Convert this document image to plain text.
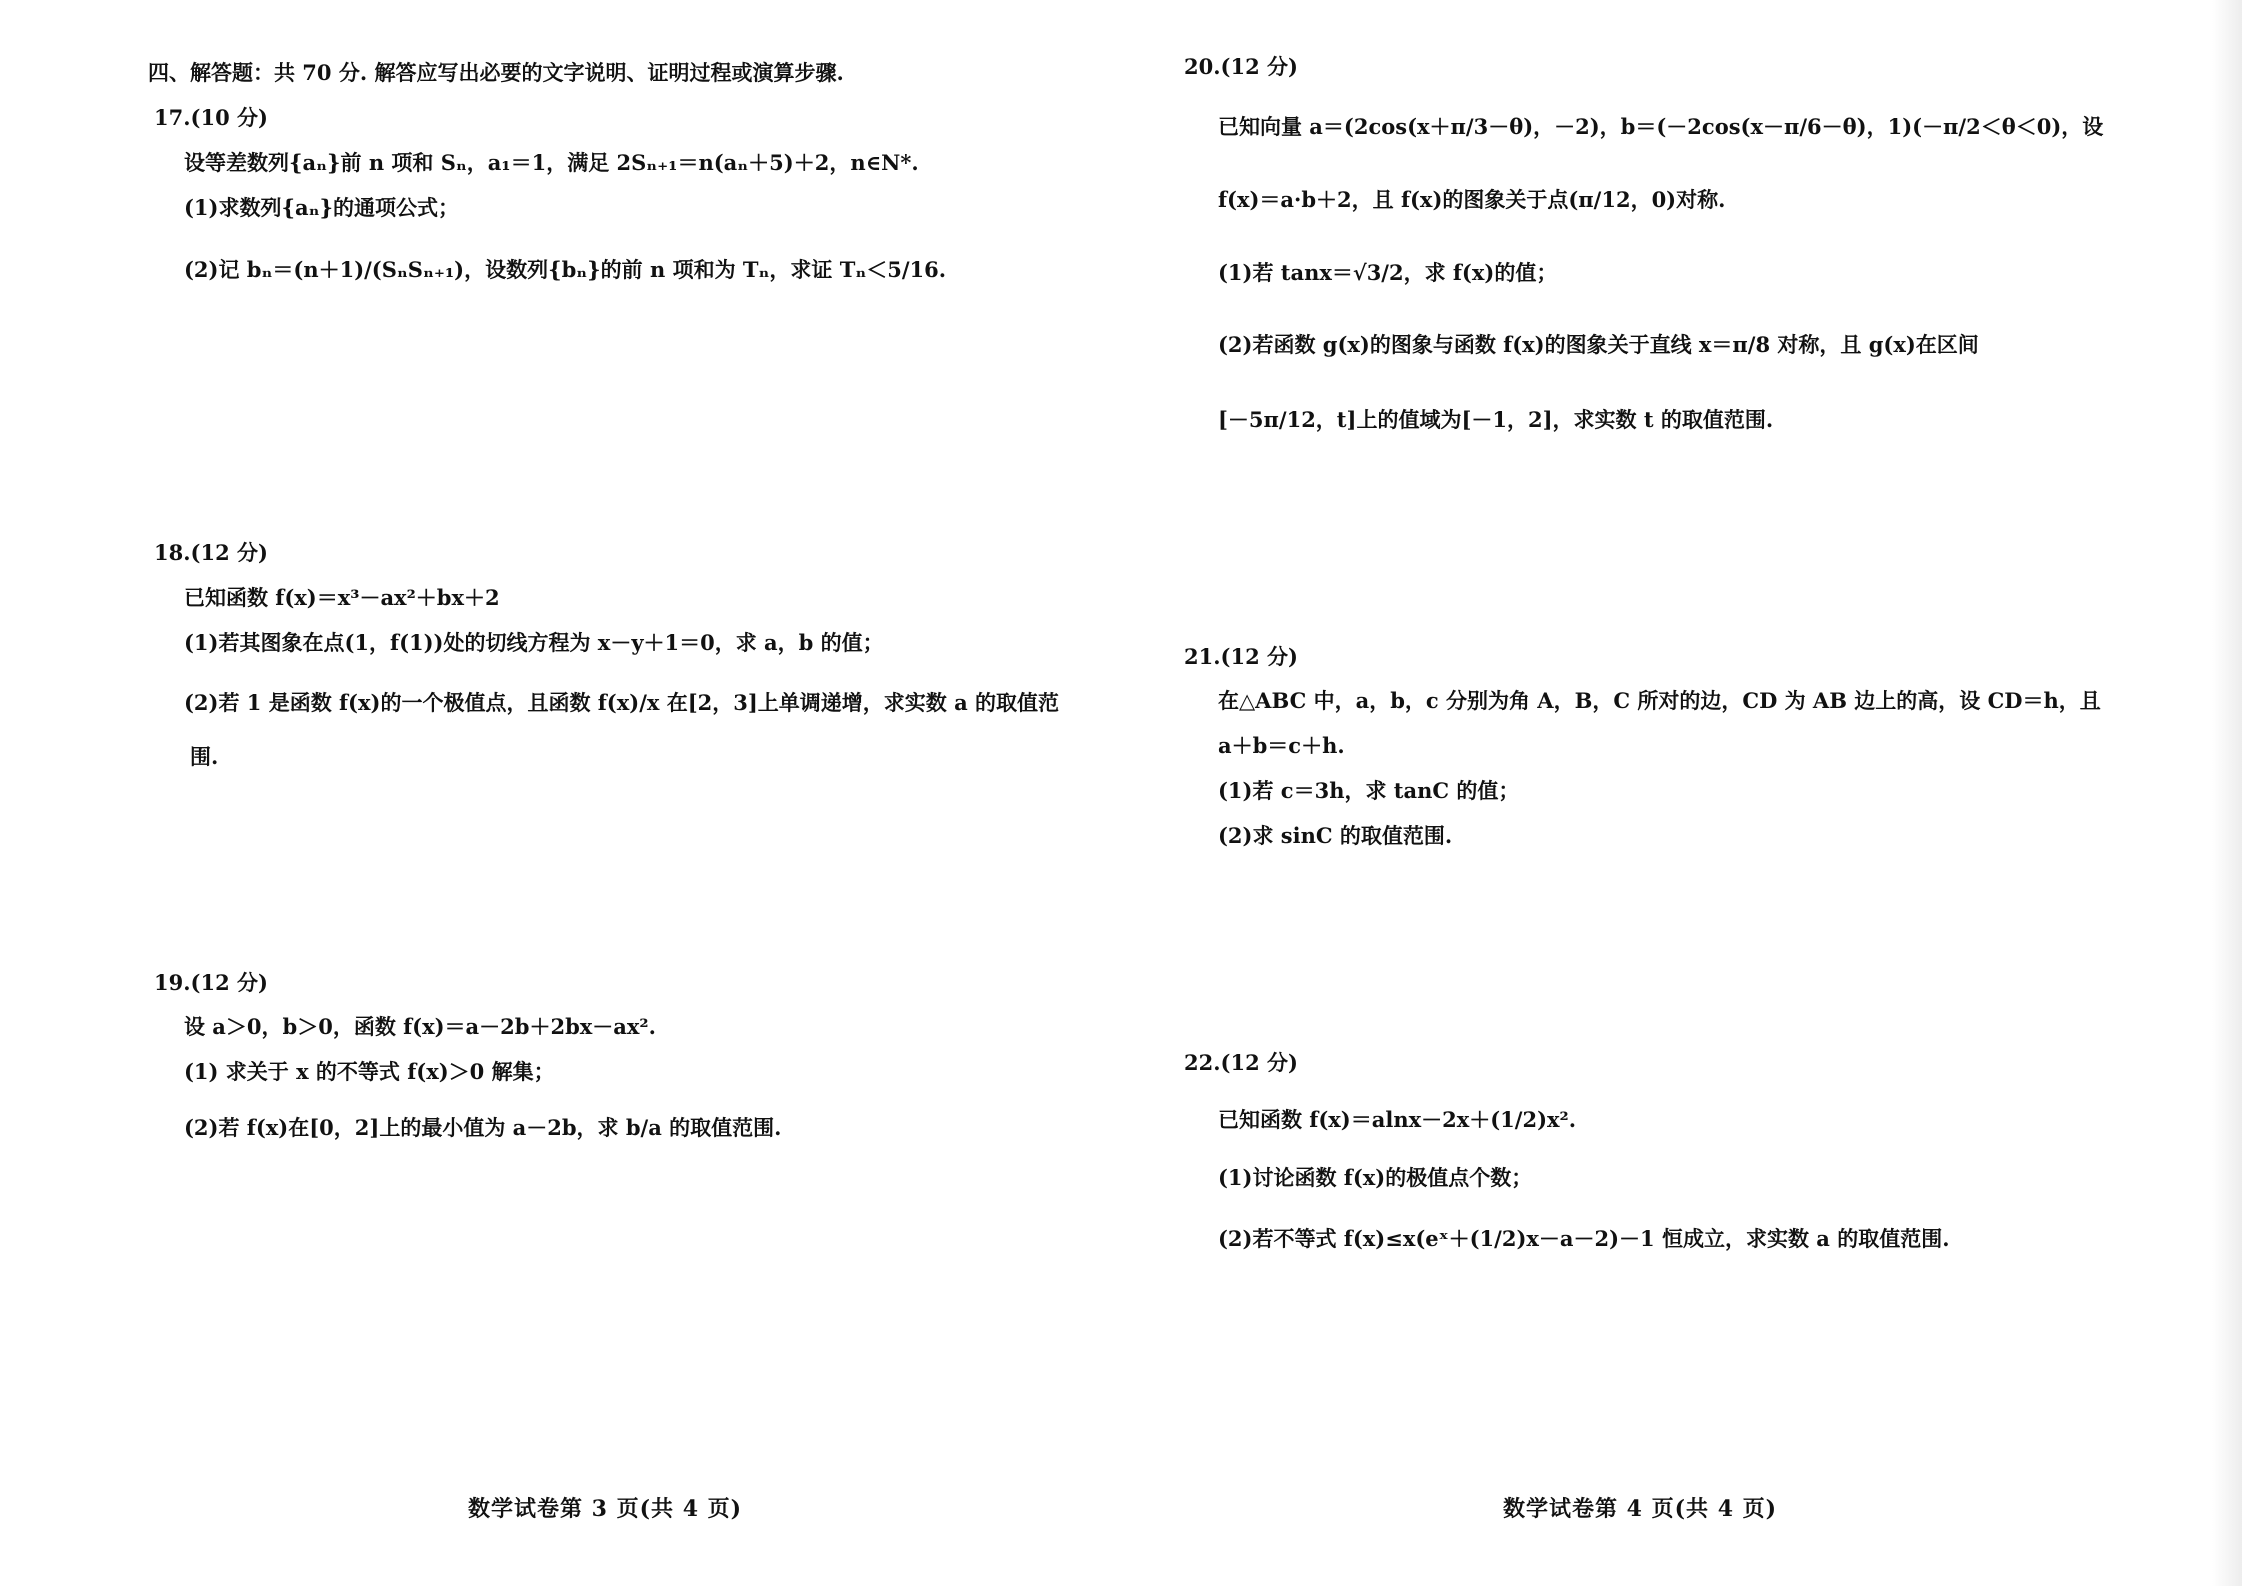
四、解答题：共 70 分. 解答应写出必要的文字说明、证明过程或演算步骤.
17.(10 分)
设等差数列{aₙ}前 n 项和 Sₙ，a₁＝1，满足 2Sₙ₊₁＝n(aₙ＋5)＋2，n∈N*.
(1)求数列{aₙ}的通项公式；
(2)记 bₙ＝(n＋1)/(SₙSₙ₊₁)，设数列{bₙ}的前 n 项和为 Tₙ，求证 Tₙ＜5/16.
18.(12 分)
已知函数 f(x)＝x³－ax²＋bx＋2
(1)若其图象在点(1，f(1))处的切线方程为 x－y＋1＝0，求 a，b 的值；
(2)若 1 是函数 f(x)的一个极值点，且函数 f(x)/x 在[2，3]上单调递增，求实数 a 的取值范
围.
19.(12 分)
设 a＞0，b＞0，函数 f(x)＝a－2b＋2bx－ax².
(1) 求关于 x 的不等式 f(x)＞0 解集；
(2)若 f(x)在[0，2]上的最小值为 a－2b，求 b/a 的取值范围.
数学试卷第 3 页(共 4 页)
20.(12 分)
已知向量 a＝(2cos(x＋π/3－θ)，－2)，b＝(－2cos(x－π/6－θ)，1)(－π/2＜θ＜0)，设
f(x)＝a·b＋2，且 f(x)的图象关于点(π/12，0)对称.
(1)若 tanx＝√3/2，求 f(x)的值；
(2)若函数 g(x)的图象与函数 f(x)的图象关于直线 x＝π/8 对称，且 g(x)在区间
[－5π/12，t]上的值域为[－1，2]，求实数 t 的取值范围.
21.(12 分)
在△ABC 中，a，b，c 分别为角 A，B，C 所对的边，CD 为 AB 边上的高，设 CD＝h，且
a＋b＝c＋h.
(1)若 c＝3h，求 tanC 的值；
(2)求 sinC 的取值范围.
22.(12 分)
已知函数 f(x)＝alnx－2x＋(1/2)x².
(1)讨论函数 f(x)的极值点个数；
(2)若不等式 f(x)≤x(eˣ＋(1/2)x－a－2)－1 恒成立，求实数 a 的取值范围.
数学试卷第 4 页(共 4 页)
